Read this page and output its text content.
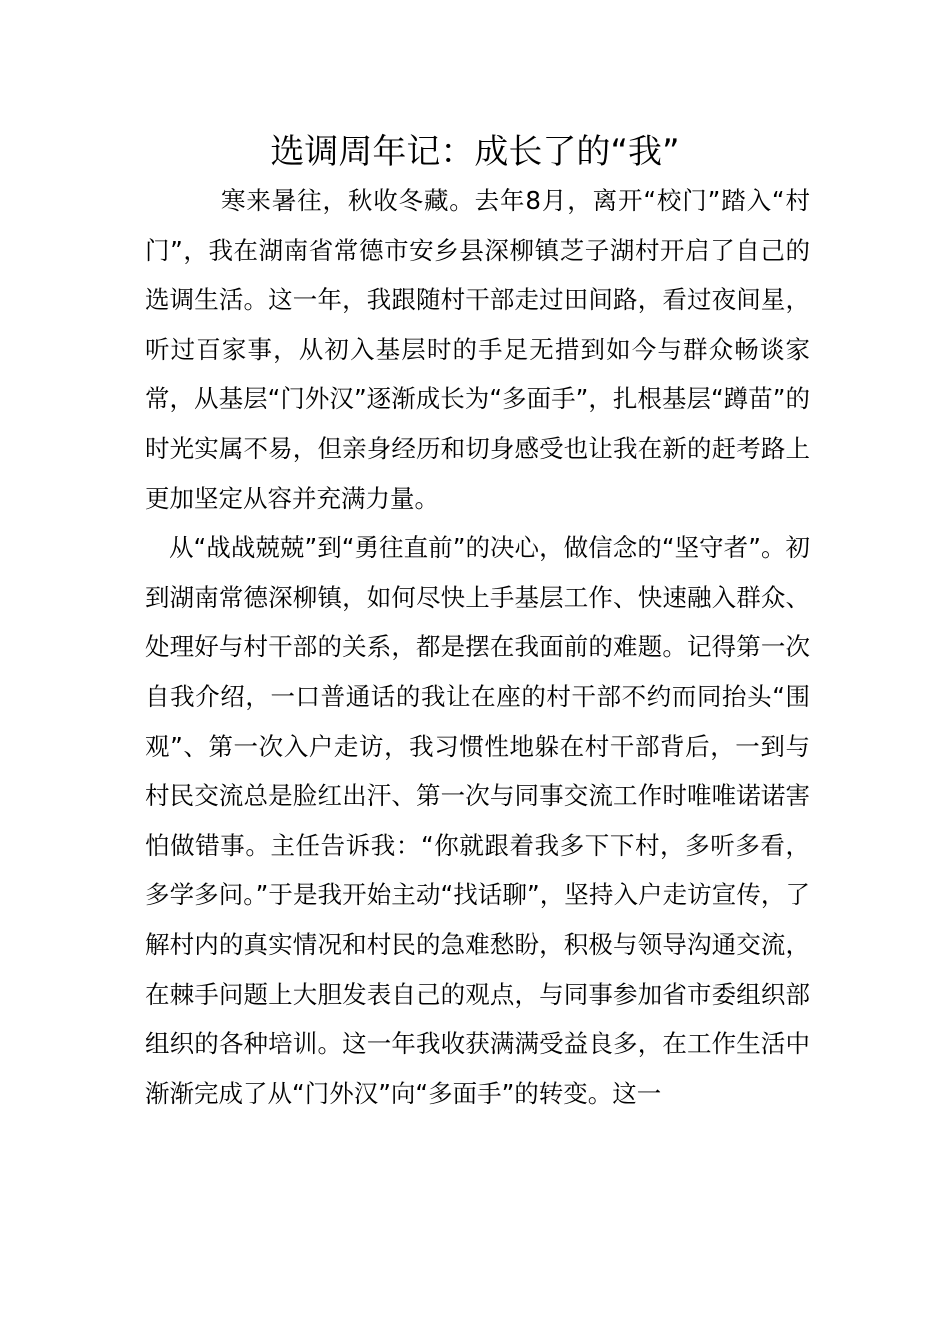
选调周年记：成长了的“我”

寒来暑往，秋收冬藏。去年8月，离开“校门”踏入“村门”，我在湖南省常德市安乡县深柳镇芝子湖村开启了自己的选调生活。这一年，我跟随村干部走过田间路，看过夜间星，听过百家事，从初入基层时的手足无措到如今与群众畅谈家常，从基层“门外汉”逐渐成长为“多面手”，扎根基层“蹲苗”的时光实属不易，但亲身经历和切身感受也让我在新的赶考路上更加坚定从容并充满力量。

从“战战兢兢”到“勇往直前”的决心，做信念的“坚守者”。初到湖南常德深柳镇，如何尽快上手基层工作、快速融入群众、处理好与村干部的关系，都是摆在我面前的难题。记得第一次自我介绍，一口普通话的我让在座的村干部不约而同抬头“围观”、第一次入户走访，我习惯性地躲在村干部背后，一到与村民交流总是脸红出汗、第一次与同事交流工作时唯唯诺诺害怕做错事。主任告诉我：“你就跟着我多下下村，多听多看，多学多问。”于是我开始主动“找话聊”，坚持入户走访宣传，了解村内的真实情况和村民的急难愁盼，积极与领导沟通交流，在棘手问题上大胆发表自己的观点，与同事参加省市委组织部组织的各种培训。这一年我收获满满受益良多，在工作生活中渐渐完成了从“门外汉”向“多面手”的转变。这一
